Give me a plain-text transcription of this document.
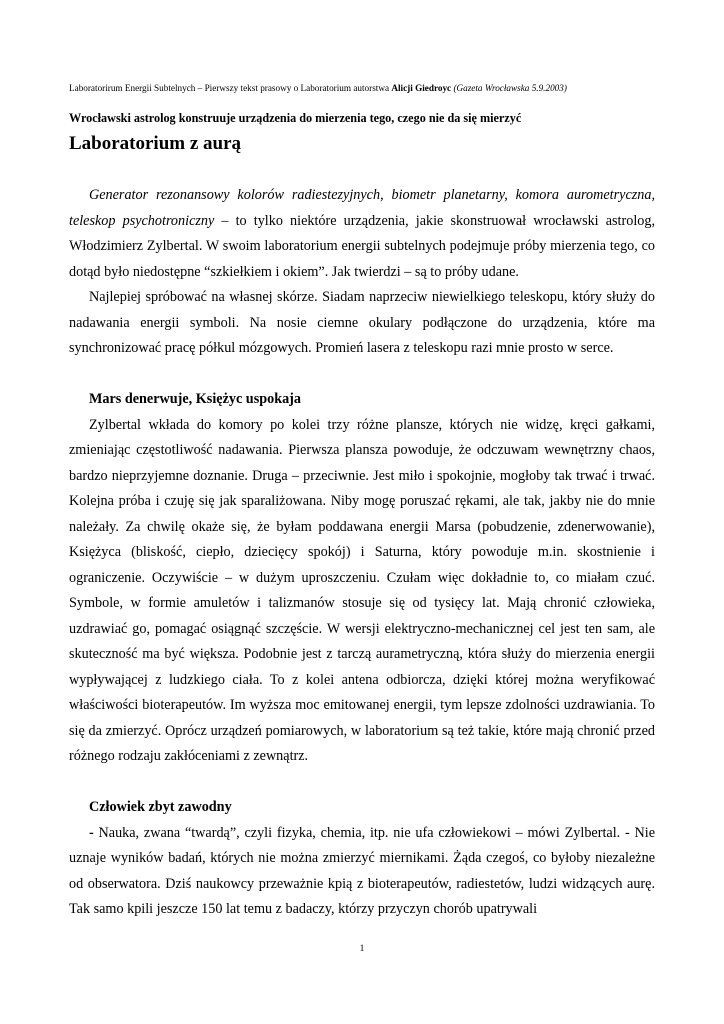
Laboratorirum Energii Subtelnych – Pierwszy tekst prasowy o Laboratorium autorstwa Alicji Giedroyc (Gazeta Wrocławska 5.9.2003)
Wrocławski astrolog konstruuje urządzenia do mierzenia tego, czego nie da się mierzyć
Laboratorium z aurą

Generator rezonansowy kolorów radiestezyjnych, biometr planetarny, komora aurometryczna, teleskop psychotroniczny – to tylko niektóre urządzenia, jakie skonstruował wrocławski astrolog, Włodzimierz Zylbertal. W swoim laboratorium energii subtelnych podejmuje próby mierzenia tego, co dotąd było niedostępne “szkiełkiem i okiem”. Jak twierdzi – są to próby udane.

Najlepiej spróbować na własnej skórze. Siadam naprzeciw niewielkiego teleskopu, który służy do nadawania energii symboli. Na nosie ciemne okulary podłączone do urządzenia, które ma synchronizować pracę półkul mózgowych. Promień lasera z teleskopu razi mnie prosto w serce.

Mars denerwuje, Księżyc uspokaja

Zylbertal wkłada do komory po kolei trzy różne plansze, których nie widzę, kręci gałkami, zmieniając częstotliwość nadawania. Pierwsza plansza powoduje, że odczuwam wewnętrzny chaos, bardzo nieprzyjemne doznanie. Druga – przeciwnie. Jest miło i spokojnie, mogłoby tak trwać i trwać. Kolejna próba i czuję się jak sparaliżowana. Niby mogę poruszać rękami, ale tak, jakby nie do mnie należały. Za chwilę okaże się, że byłam poddawana energii Marsa (pobudzenie, zdenerwowanie), Księżyca (bliskość, ciepło, dziecięcy spokój) i Saturna, który powoduje m.in. skostnienie i ograniczenie. Oczywiście – w dużym uproszczeniu. Czułam więc dokładnie to, co miałam czuć. Symbole, w formie amuletów i talizmanów stosuje się od tysięcy lat. Mają chronić człowieka, uzdrawiać go, pomagać osiągnąć szczęście. W wersji elektryczno-mechanicznej cel jest ten sam, ale skuteczność ma być większa. Podobnie jest z tarczą aurametryczną, która służy do mierzenia energii wypływającej z ludzkiego ciała. To z kolei antena odbiorcza, dzięki której można weryfikować właściwości bioterapeutów. Im wyższa moc emitowanej energii, tym lepsze zdolności uzdrawiania. To się da zmierzyć. Oprócz urządzeń pomiarowych, w laboratorium są też takie, które mają chronić przed różnego rodzaju zakłóceniami z zewnątrz.

Człowiek zbyt zawodny

- Nauka, zwana “twardą”, czyli fizyka, chemia, itp. nie ufa człowiekowi – mówi Zylbertal. - Nie uznaje wyników badań, których nie można zmierzyć miernikami. Żąda czegoś, co byłoby niezależne od obserwatora. Dziś naukowcy przeważnie kpią z bioterapeutów, radiestetów, ludzi widzących aurę. Tak samo kpili jeszcze 150 lat temu z badaczy, którzy przyczyn chorób upatrywali

1
